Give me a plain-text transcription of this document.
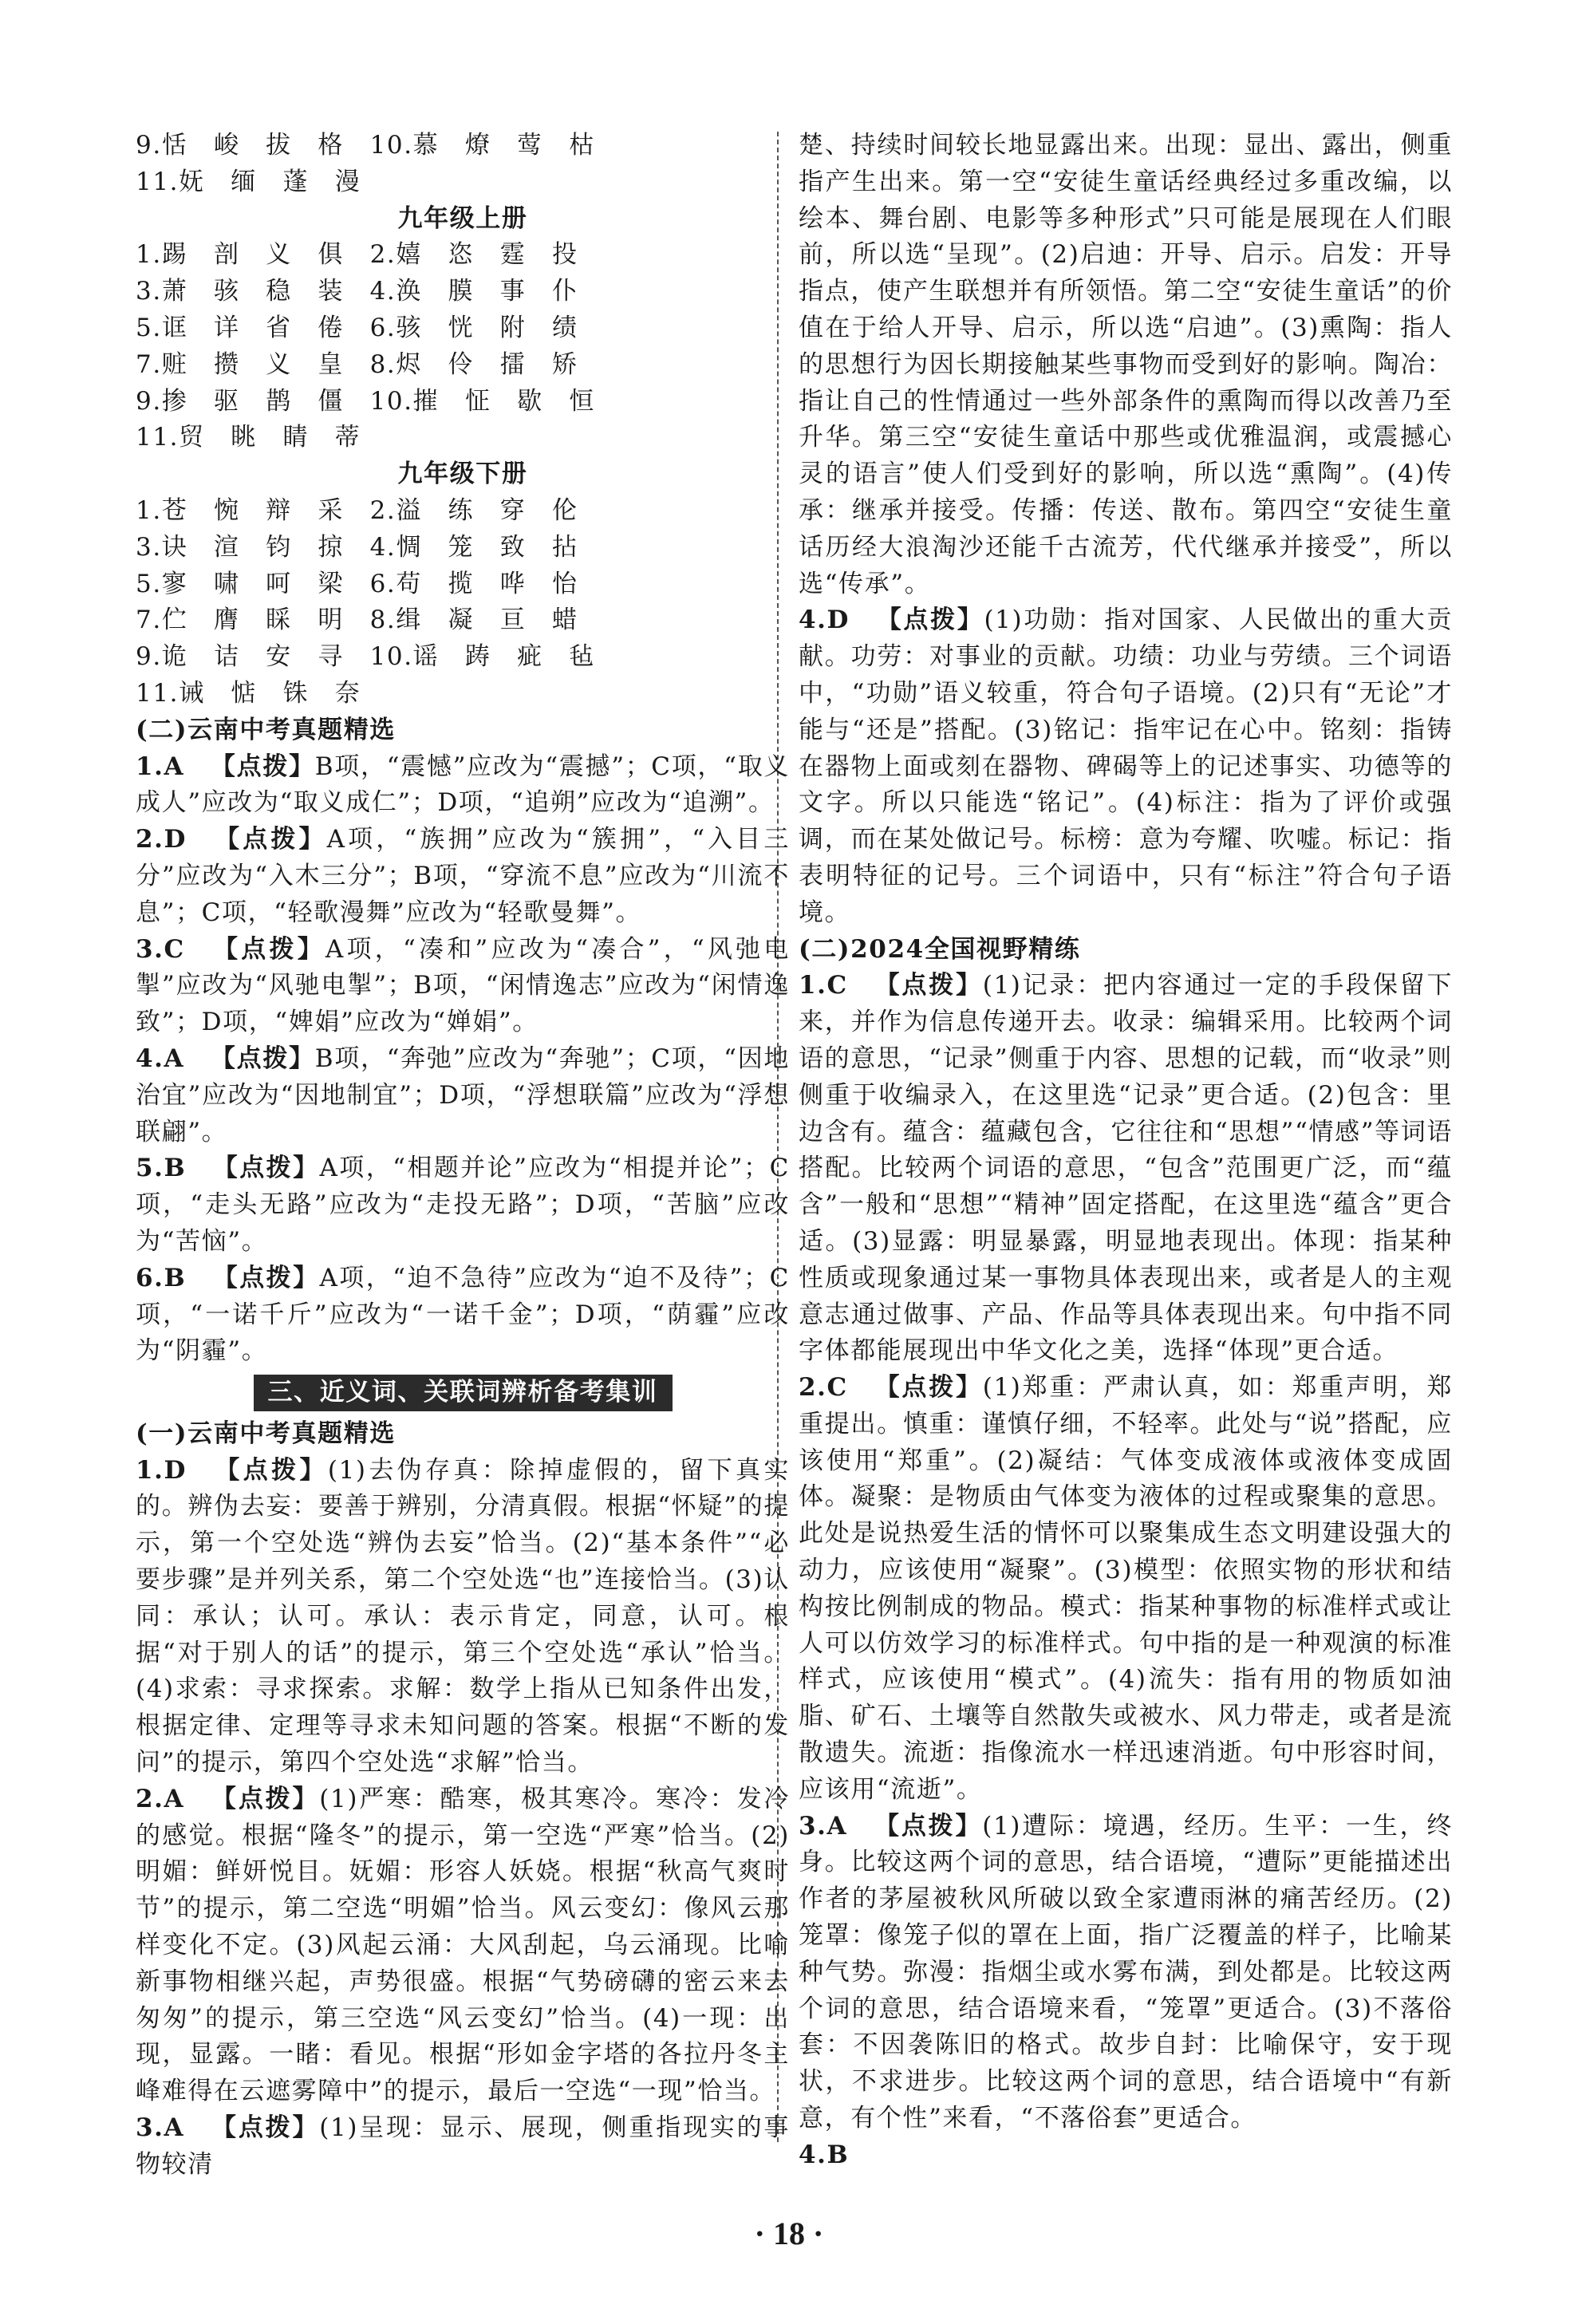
9.恬　峻　拔　格　10.慕　燎　莺　枯
11.妩　缅　蓬　漫
九年级上册
1.踢　剖　义　俱　2.嬉　恣　霆　投
3.萧　骇　稳　装　4.涣　膜　事　仆
5.诓　详　省　倦　6.骇　恍　附　绩
7.赃　攒　义　皇　8.烬　伶　擂　矫
9.掺　驱　鹊　僵　10.摧　怔　歇　恒
11.贸　眺　睛　蒂
九年级下册
1.苍　惋　辩　采　2.溢　练　穿　伦
3.诀　渲　钧　掠　4.惆　笼　致　拈
5.寥　啸　呵　梁　6.苟　揽　哗　怡
7.伫　膺　睬　明　8.缉　凝　亘　蜡
9.诡　诘　安　寻　10.谣　踌　疵　毡
11.诫　惦　铢　奈
(二)云南中考真题精选

1.A  【点拨】B项，“震憾”应改为“震撼”；C项，“取义成人”应改为“取义成仁”；D项，“追朔”应改为“追溯”。

2.D  【点拨】A项，“族拥”应改为“簇拥”，“入目三分”应改为“入木三分”；B项，“穿流不息”应改为“川流不息”；C项，“轻歌漫舞”应改为“轻歌曼舞”。

3.C  【点拨】A项，“凑和”应改为“凑合”，“风弛电掣”应改为“风驰电掣”；B项，“闲情逸志”应改为“闲情逸致”；D项，“婢娟”应改为“婵娟”。

4.A  【点拨】B项，“奔弛”应改为“奔驰”；C项，“因地治宜”应改为“因地制宜”；D项，“浮想联篇”应改为“浮想联翩”。

5.B  【点拨】A项，“相题并论”应改为“相提并论”；C项，“走头无路”应改为“走投无路”；D项，“苦脑”应改为“苦恼”。

6.B  【点拨】A项，“迫不急待”应改为“迫不及待”；C项，“一诺千斤”应改为“一诺千金”；D项，“荫霾”应改为“阴霾”。

三、近义词、关联词辨析备考集训
(一)云南中考真题精选

1.D  【点拨】(1)去伪存真：除掉虚假的，留下真实的。辨伪去妄：要善于辨别，分清真假。根据“怀疑”的提示，第一个空处选“辨伪去妄”恰当。(2)“基本条件”“必要步骤”是并列关系，第二个空处选“也”连接恰当。(3)认同：承认；认可。承认：表示肯定，同意，认可。根据“对于别人的话”的提示，第三个空处选“承认”恰当。(4)求索：寻求探索。求解：数学上指从已知条件出发，根据定律、定理等寻求未知问题的答案。根据“不断的发问”的提示，第四个空处选“求解”恰当。

2.A  【点拨】(1)严寒：酷寒，极其寒冷。寒冷：发冷的感觉。根据“隆冬”的提示，第一空选“严寒”恰当。(2)明媚：鲜妍悦目。妩媚：形容人妖娆。根据“秋高气爽时节”的提示，第二空选“明媚”恰当。风云变幻：像风云那样变化不定。(3)风起云涌：大风刮起，乌云涌现。比喻新事物相继兴起，声势很盛。根据“气势磅礴的密云来去匆匆”的提示，第三空选“风云变幻”恰当。(4)一现：出现，显露。一睹：看见。根据“形如金字塔的各拉丹冬主峰难得在云遮雾障中”的提示，最后一空选“一现”恰当。

3.A  【点拨】(1)呈现：显示、展现，侧重指现实的事物较清

楚、持续时间较长地显露出来。出现：显出、露出，侧重指产生出来。第一空“安徒生童话经典经过多重改编，以绘本、舞台剧、电影等多种形式”只可能是展现在人们眼前，所以选“呈现”。(2)启迪：开导、启示。启发：开导指点，使产生联想并有所领悟。第二空“安徒生童话”的价值在于给人开导、启示，所以选“启迪”。(3)熏陶：指人的思想行为因长期接触某些事物而受到好的影响。陶冶：指让自己的性情通过一些外部条件的熏陶而得以改善乃至升华。第三空“安徒生童话中那些或优雅温润，或震撼心灵的语言”使人们受到好的影响，所以选“熏陶”。(4)传承：继承并接受。传播：传送、散布。第四空“安徒生童话历经大浪淘沙还能千古流芳，代代继承并接受”，所以选“传承”。

4.D  【点拨】(1)功勋：指对国家、人民做出的重大贡献。功劳：对事业的贡献。功绩：功业与劳绩。三个词语中，“功勋”语义较重，符合句子语境。(2)只有“无论”才能与“还是”搭配。(3)铭记：指牢记在心中。铭刻：指铸在器物上面或刻在器物、碑碣等上的记述事实、功德等的文字。所以只能选“铭记”。(4)标注：指为了评价或强调，而在某处做记号。标榜：意为夸耀、吹嘘。标记：指表明特征的记号。三个词语中，只有“标注”符合句子语境。

(二)2024全国视野精练

1.C  【点拨】(1)记录：把内容通过一定的手段保留下来，并作为信息传递开去。收录：编辑采用。比较两个词语的意思，“记录”侧重于内容、思想的记载，而“收录”则侧重于收编录入，在这里选“记录”更合适。(2)包含：里边含有。蕴含：蕴藏包含，它往往和“思想”“情感”等词语搭配。比较两个词语的意思，“包含”范围更广泛，而“蕴含”一般和“思想”“精神”固定搭配，在这里选“蕴含”更合适。(3)显露：明显暴露，明显地表现出。体现：指某种性质或现象通过某一事物具体表现出来，或者是人的主观意志通过做事、产品、作品等具体表现出来。句中指不同字体都能展现出中华文化之美，选择“体现”更合适。

2.C  【点拨】(1)郑重：严肃认真，如：郑重声明，郑重提出。慎重：谨慎仔细，不轻率。此处与“说”搭配，应该使用“郑重”。(2)凝结：气体变成液体或液体变成固体。凝聚：是物质由气体变为液体的过程或聚集的意思。此处是说热爱生活的情怀可以聚集成生态文明建设强大的动力，应该使用“凝聚”。(3)模型：依照实物的形状和结构按比例制成的物品。模式：指某种事物的标准样式或让人可以仿效学习的标准样式。句中指的是一种观演的标准样式，应该使用“模式”。(4)流失：指有用的物质如油脂、矿石、土壤等自然散失或被水、风力带走，或者是流散遗失。流逝：指像流水一样迅速消逝。句中形容时间，应该用“流逝”。

3.A  【点拨】(1)遭际：境遇，经历。生平：一生，终身。比较这两个词的意思，结合语境，“遭际”更能描述出作者的茅屋被秋风所破以致全家遭雨淋的痛苦经历。(2)笼罩：像笼子似的罩在上面，指广泛覆盖的样子，比喻某种气势。弥漫：指烟尘或水雾布满，到处都是。比较这两个词的意思，结合语境来看，“笼罩”更适合。(3)不落俗套：不因袭陈旧的格式。故步自封：比喻保守，安于现状，不求进步。比较这两个词的意思，结合语境中“有新意，有个性”来看，“不落俗套”更适合。

4.B

· 18 ·
